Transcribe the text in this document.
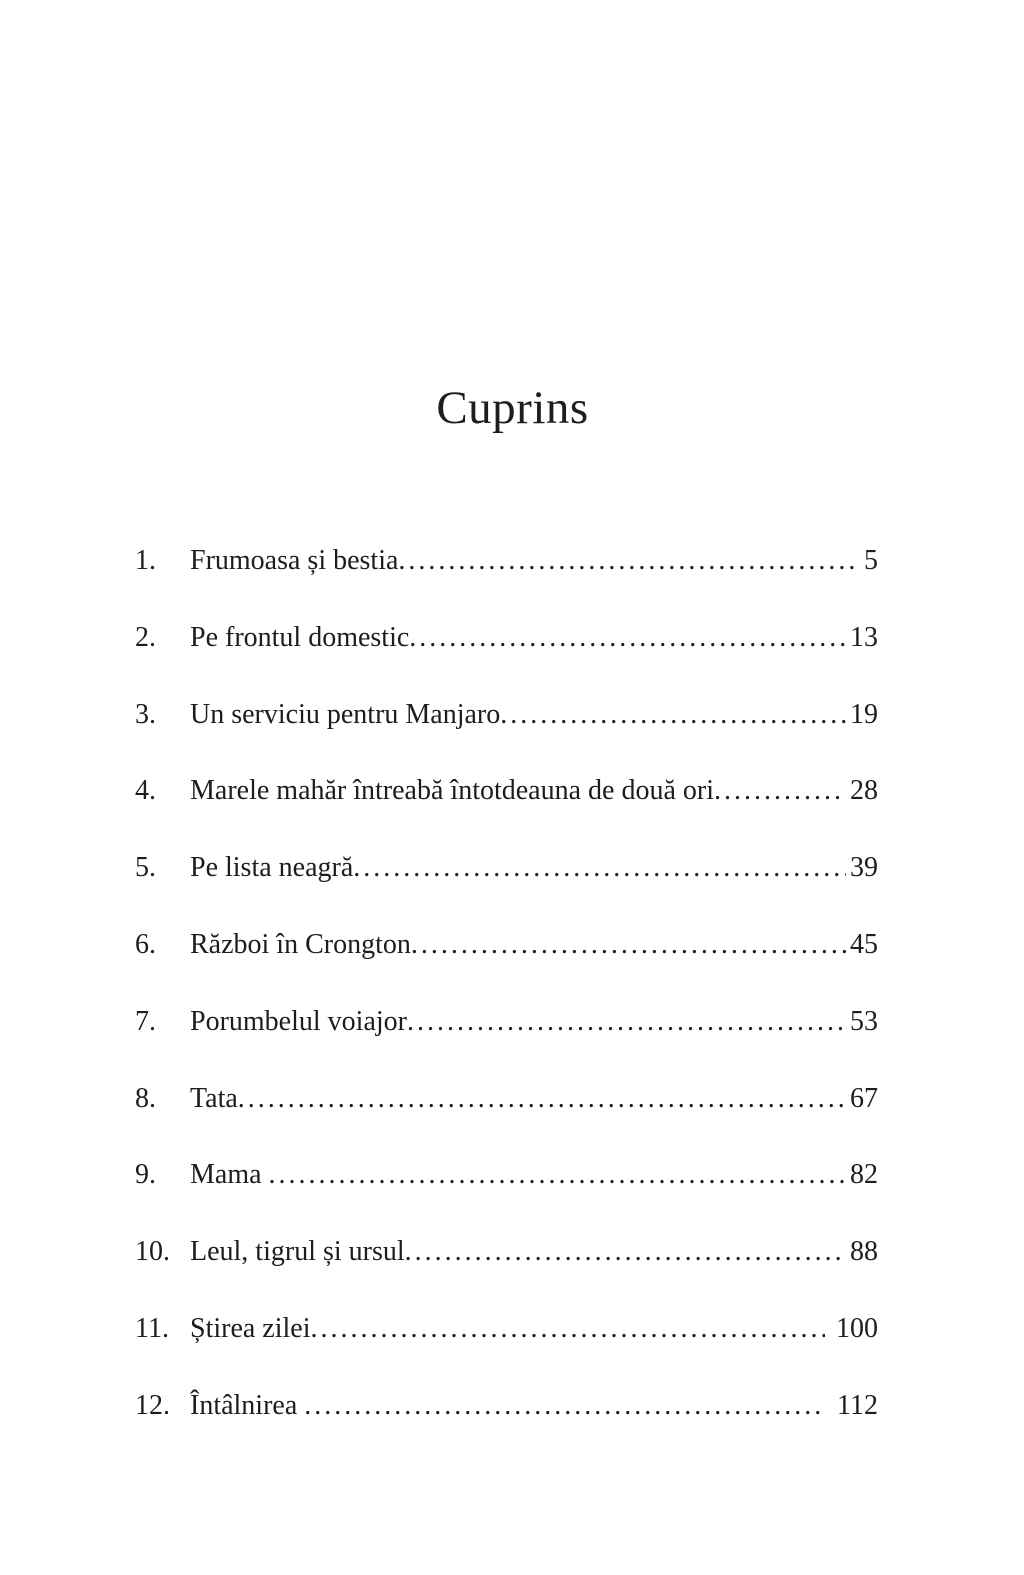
Cuprins
1. Frumoasa și bestia .....	5
2. Pe frontul domestic .....	13
3. Un serviciu pentru Manjaro .....	19
4. Marele mahăr întreabă întotdeauna de două ori .....	28
5. Pe lista neagră .....	39
6. Război în Crongton .....	45
7. Porumbelul voiajor .....	53
8. Tata .....	67
9. Mama .....	82
10. Leul, tigrul și ursul .....	88
11. Știrea zilei .....	100
12. Întâlnirea .....	112
